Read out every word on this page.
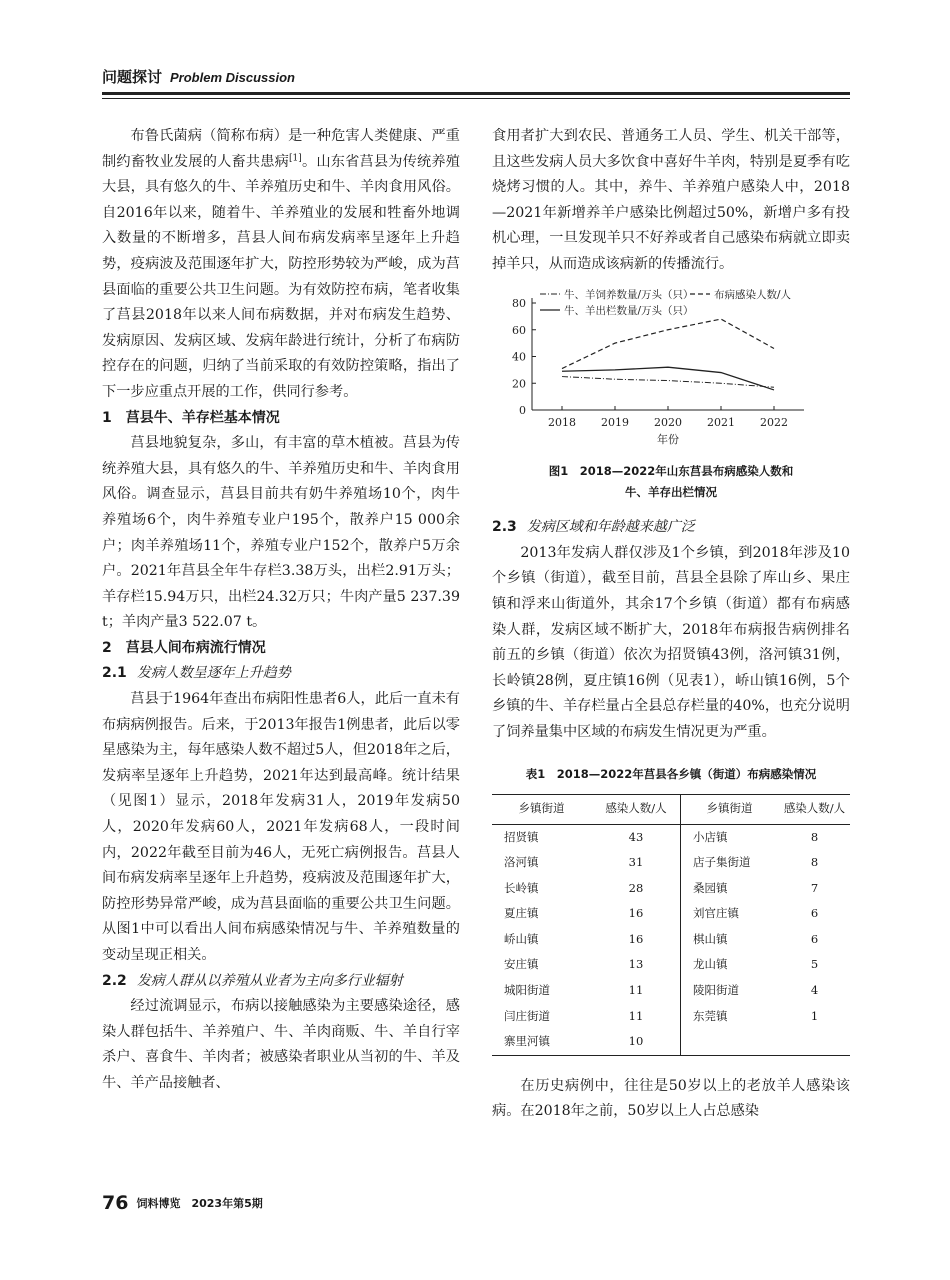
问题探讨 Problem Discussion

布鲁氏菌病（简称布病）是一种危害人类健康、严重制约畜牧业发展的人畜共患病[1]。山东省莒县为传统养殖大县，具有悠久的牛、羊养殖历史和牛、羊肉食用风俗。自2016年以来，随着牛、羊养殖业的发展和牲畜外地调入数量的不断增多，莒县人间布病发病率呈逐年上升趋势，疫病波及范围逐年扩大，防控形势较为严峻，成为莒县面临的重要公共卫生问题。为有效防控布病，笔者收集了莒县2018年以来人间布病数据，并对布病发生趋势、发病原因、发病区域、发病年龄进行统计，分析了布病防控存在的问题，归纳了当前采取的有效防控策略，指出了下一步应重点开展的工作，供同行参考。

1　莒县牛、羊存栏基本情况

莒县地貌复杂，多山，有丰富的草木植被。莒县为传统养殖大县，具有悠久的牛、羊养殖历史和牛、羊肉食用风俗。调查显示，莒县目前共有奶牛养殖场10个，肉牛养殖场6个，肉牛养殖专业户195个，散养户15 000余户；肉羊养殖场11个，养殖专业户152个，散养户5万余户。2021年莒县全年牛存栏3.38万头，出栏2.91万头；羊存栏15.94万只，出栏24.32万只；牛肉产量5 237.39 t；羊肉产量3 522.07 t。

2　莒县人间布病流行情况
2.1 发病人数呈逐年上升趋势

莒县于1964年查出布病阳性患者6人，此后一直未有布病病例报告。后来，于2013年报告1例患者，此后以零星感染为主，每年感染人数不超过5人，但2018年之后，发病率呈逐年上升趋势，2021年达到最高峰。统计结果（见图1）显示，2018年发病31人，2019年发病50人，2020年发病60人，2021年发病68人，一段时间内，2022年截至目前为46人，无死亡病例报告。莒县人间布病发病率呈逐年上升趋势，疫病波及范围逐年扩大，防控形势异常严峻，成为莒县面临的重要公共卫生问题。从图1中可以看出人间布病感染情况与牛、羊养殖数量的变动呈现正相关。

2.2 发病人群从以养殖从业者为主向多行业辐射

经过流调显示，布病以接触感染为主要感染途径，感染人群包括牛、羊养殖户、牛、羊肉商贩、牛、羊自行宰杀户、喜食牛、羊肉者；被感染者职业从当初的牛、羊及牛、羊产品接触者、

食用者扩大到农民、普通务工人员、学生、机关干部等，且这些发病人员大多饮食中喜好牛羊肉，特别是夏季有吃烧烤习惯的人。其中，养牛、羊养殖户感染人中，2018—2021年新增养羊户感染比例超过50%，新增户多有投机心理，一旦发现羊只不好养或者自己感染布病就立即卖掉羊只，从而造成该病新的传播流行。

0
20
40
60
80
2018 2019 2020 2021 2022
年份
牛、羊饲养数量/万头（只） 布病感染人数/人
牛、羊出栏数量/万头（只）
图1　2018—2022年山东莒县布病感染人数和
牛、羊存出栏情况
2.3 发病区域和年龄越来越广泛

2013年发病人群仅涉及1个乡镇，到2018年涉及10个乡镇（街道），截至目前，莒县全县除了库山乡、果庄镇和浮来山街道外，其余17个乡镇（街道）都有布病感染人群，发病区域不断扩大，2018年布病报告病例排名前五的乡镇（街道）依次为招贤镇43例，洛河镇31例，长岭镇28例，夏庄镇16例（见表1），峤山镇16例，5个乡镇的牛、羊存栏量占全县总存栏量的40%，也充分说明了饲养量集中区域的布病发生情况更为严重。

表1　2018—2022年莒县各乡镇（街道）布病感染情况
乡镇街道	感染人数/人	乡镇街道	感染人数/人
招贤镇	43	小店镇	8
洛河镇	31	店子集街道	8
长岭镇	28	桑园镇	7
夏庄镇	16	刘官庄镇	6
峤山镇	16	棋山镇	6
安庄镇	13	龙山镇	5
城阳街道	11	陵阳街道	4
闫庄街道	11	东莞镇	1
寨里河镇	10		

在历史病例中，往往是50岁以上的老放羊人感染该病。在2018年之前，50岁以上人占总感染

76 饲料博览　2023年第5期
